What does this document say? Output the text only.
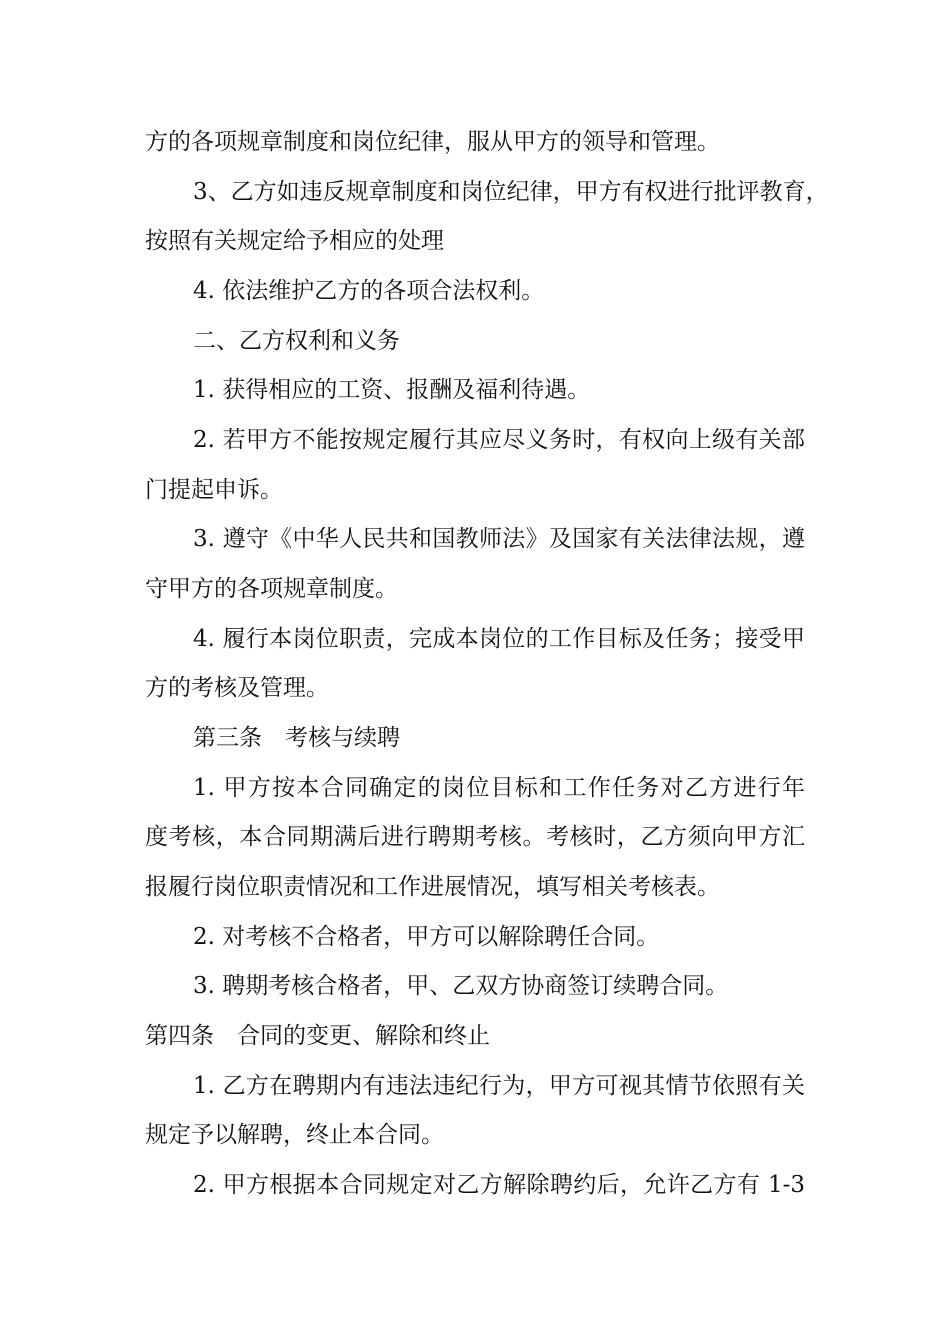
方的各项规章制度和岗位纪律，服从甲方的领导和管理。
3、乙方如违反规章制度和岗位纪律，甲方有权进行批评教育，
按照有关规定给予相应的处理
4. 依法维护乙方的各项合法权利。
二、乙方权利和义务
1. 获得相应的工资、报酬及福利待遇。
2. 若甲方不能按规定履行其应尽义务时，有权向上级有关部
门提起申诉。
3. 遵守《中华人民共和国教师法》及国家有关法律法规，遵
守甲方的各项规章制度。
4. 履行本岗位职责，完成本岗位的工作目标及任务；接受甲
方的考核及管理。
第三条　考核与续聘
1. 甲方按本合同确定的岗位目标和工作任务对乙方进行年
度考核，本合同期满后进行聘期考核。考核时，乙方须向甲方汇
报履行岗位职责情况和工作进展情况，填写相关考核表。
2. 对考核不合格者，甲方可以解除聘任合同。
3. 聘期考核合格者，甲、乙双方协商签订续聘合同。
第四条　合同的变更、解除和终止
1. 乙方在聘期内有违法违纪行为，甲方可视其情节依照有关
规定予以解聘，终止本合同。
2. 甲方根据本合同规定对乙方解除聘约后，允许乙方有 1-3
